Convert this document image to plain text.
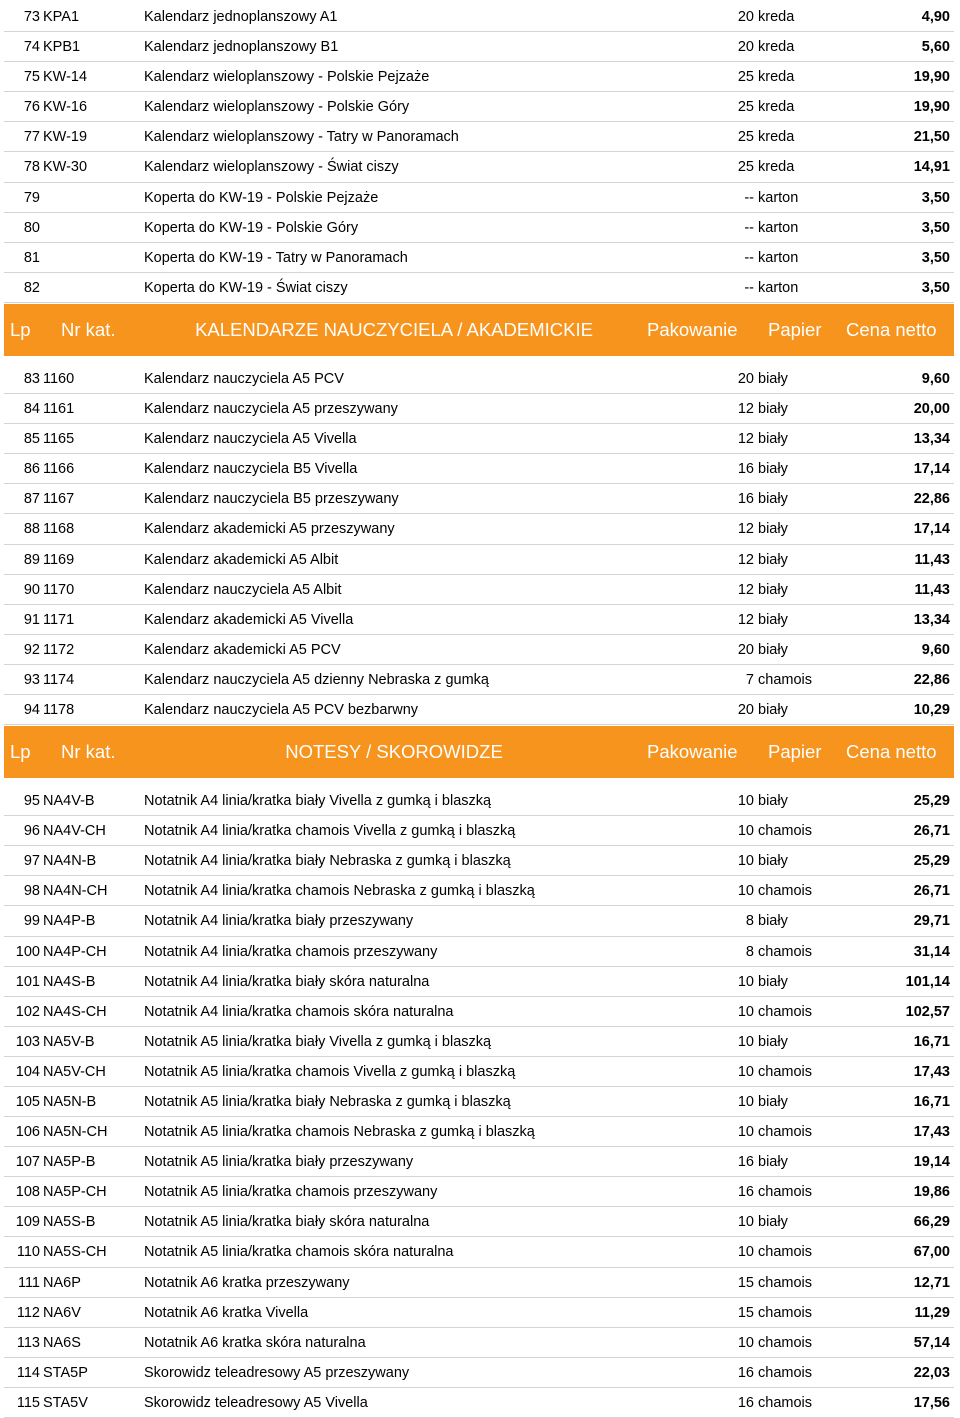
73 KPA1	Kalendarz jednoplanszowy A1	20 kreda	4,90
74 KPB1	Kalendarz jednoplanszowy B1	20 kreda	5,60
75 KW-14	Kalendarz wieloplanszowy - Polskie Pejzaże	25 kreda	19,90
76 KW-16	Kalendarz wieloplanszowy - Polskie Góry	25 kreda	19,90
77 KW-19	Kalendarz wieloplanszowy - Tatry w Panoramach	25 kreda	21,50
78 KW-30	Kalendarz wieloplanszowy - Świat ciszy	25 kreda	14,91
79	Koperta do KW-19 - Polskie Pejzaże	-- karton	3,50
80	Koperta do KW-19 - Polskie Góry	-- karton	3,50
81	Koperta do KW-19 - Tatry w Panoramach	-- karton	3,50
82	Koperta do KW-19 - Świat ciszy	-- karton	3,50
Lp Nr kat.	KALENDARZE NAUCZYCIELA / AKADEMICKIE	Pakowanie Papier Cena netto
83 1160	Kalendarz nauczyciela A5 PCV	20 biały	9,60
84 1161	Kalendarz nauczyciela A5 przeszywany	12 biały	20,00
85 1165	Kalendarz nauczyciela A5 Vivella	12 biały	13,34
86 1166	Kalendarz nauczyciela B5 Vivella	16 biały	17,14
87 1167	Kalendarz nauczyciela B5 przeszywany	16 biały	22,86
88 1168	Kalendarz akademicki A5 przeszywany	12 biały	17,14
89 1169	Kalendarz akademicki A5 Albit	12 biały	11,43
90 1170	Kalendarz nauczyciela A5 Albit	12 biały	11,43
91 1171	Kalendarz akademicki A5 Vivella	12 biały	13,34
92 1172	Kalendarz akademicki A5 PCV	20 biały	9,60
93 1174	Kalendarz nauczyciela A5 dzienny Nebraska z gumką	7 chamois	22,86
94 1178	Kalendarz nauczyciela A5 PCV bezbarwny	20 biały	10,29
Lp Nr kat.	NOTESY / SKOROWIDZE	Pakowanie Papier Cena netto
95 NA4V-B	Notatnik A4 linia/kratka biały Vivella z gumką i blaszką	10 biały	25,29
96 NA4V-CH	Notatnik A4 linia/kratka chamois Vivella z gumką i blaszką	10 chamois	26,71
97 NA4N-B	Notatnik A4 linia/kratka biały Nebraska z gumką i blaszką	10 biały	25,29
98 NA4N-CH	Notatnik A4 linia/kratka chamois Nebraska z gumką i blaszką	10 chamois	26,71
99 NA4P-B	Notatnik A4 linia/kratka biały przeszywany	8 biały	29,71
100 NA4P-CH	Notatnik A4 linia/kratka chamois przeszywany	8 chamois	31,14
101 NA4S-B	Notatnik A4 linia/kratka biały skóra naturalna	10 biały	101,14
102 NA4S-CH	Notatnik A4 linia/kratka chamois skóra naturalna	10 chamois	102,57
103 NA5V-B	Notatnik A5 linia/kratka biały Vivella z gumką i blaszką	10 biały	16,71
104 NA5V-CH	Notatnik A5 linia/kratka chamois Vivella z gumką i blaszką	10 chamois	17,43
105 NA5N-B	Notatnik A5 linia/kratka biały Nebraska z gumką i blaszką	10 biały	16,71
106 NA5N-CH	Notatnik A5 linia/kratka chamois Nebraska z gumką i blaszką	10 chamois	17,43
107 NA5P-B	Notatnik A5 linia/kratka biały przeszywany	16 biały	19,14
108 NA5P-CH	Notatnik A5 linia/kratka chamois przeszywany	16 chamois	19,86
109 NA5S-B	Notatnik A5 linia/kratka biały skóra naturalna	10 biały	66,29
110 NA5S-CH	Notatnik A5 linia/kratka chamois skóra naturalna	10 chamois	67,00
111 NA6P	Notatnik A6 kratka przeszywany	15 chamois	12,71
112 NA6V	Notatnik A6 kratka Vivella	15 chamois	11,29
113 NA6S	Notatnik A6 kratka skóra naturalna	10 chamois	57,14
114 STA5P	Skorowidz teleadresowy A5 przeszywany	16 chamois	22,03
115 STA5V	Skorowidz teleadresowy A5 Vivella	16 chamois	17,56
